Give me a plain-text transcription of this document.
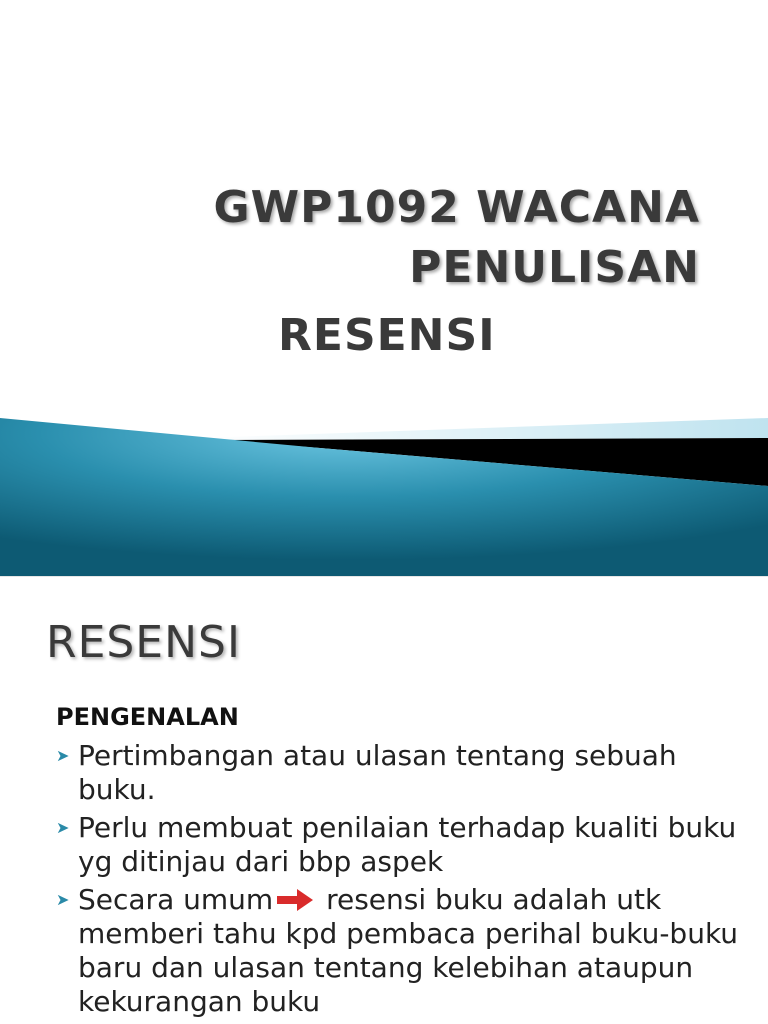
GWP1092 WACANA
PENULISAN
RESENSI
RESENSI
PENGENALAN
➤ Pertimbangan atau ulasan tentang sebuah buku.
➤ Perlu membuat penilaian terhadap kualiti buku yg ditinjau dari bbp aspek
➤ Secara umum resensi buku adalah utk memberi tahu kpd pembaca perihal buku-buku baru dan ulasan tentang kelebihan ataupun kekurangan buku
